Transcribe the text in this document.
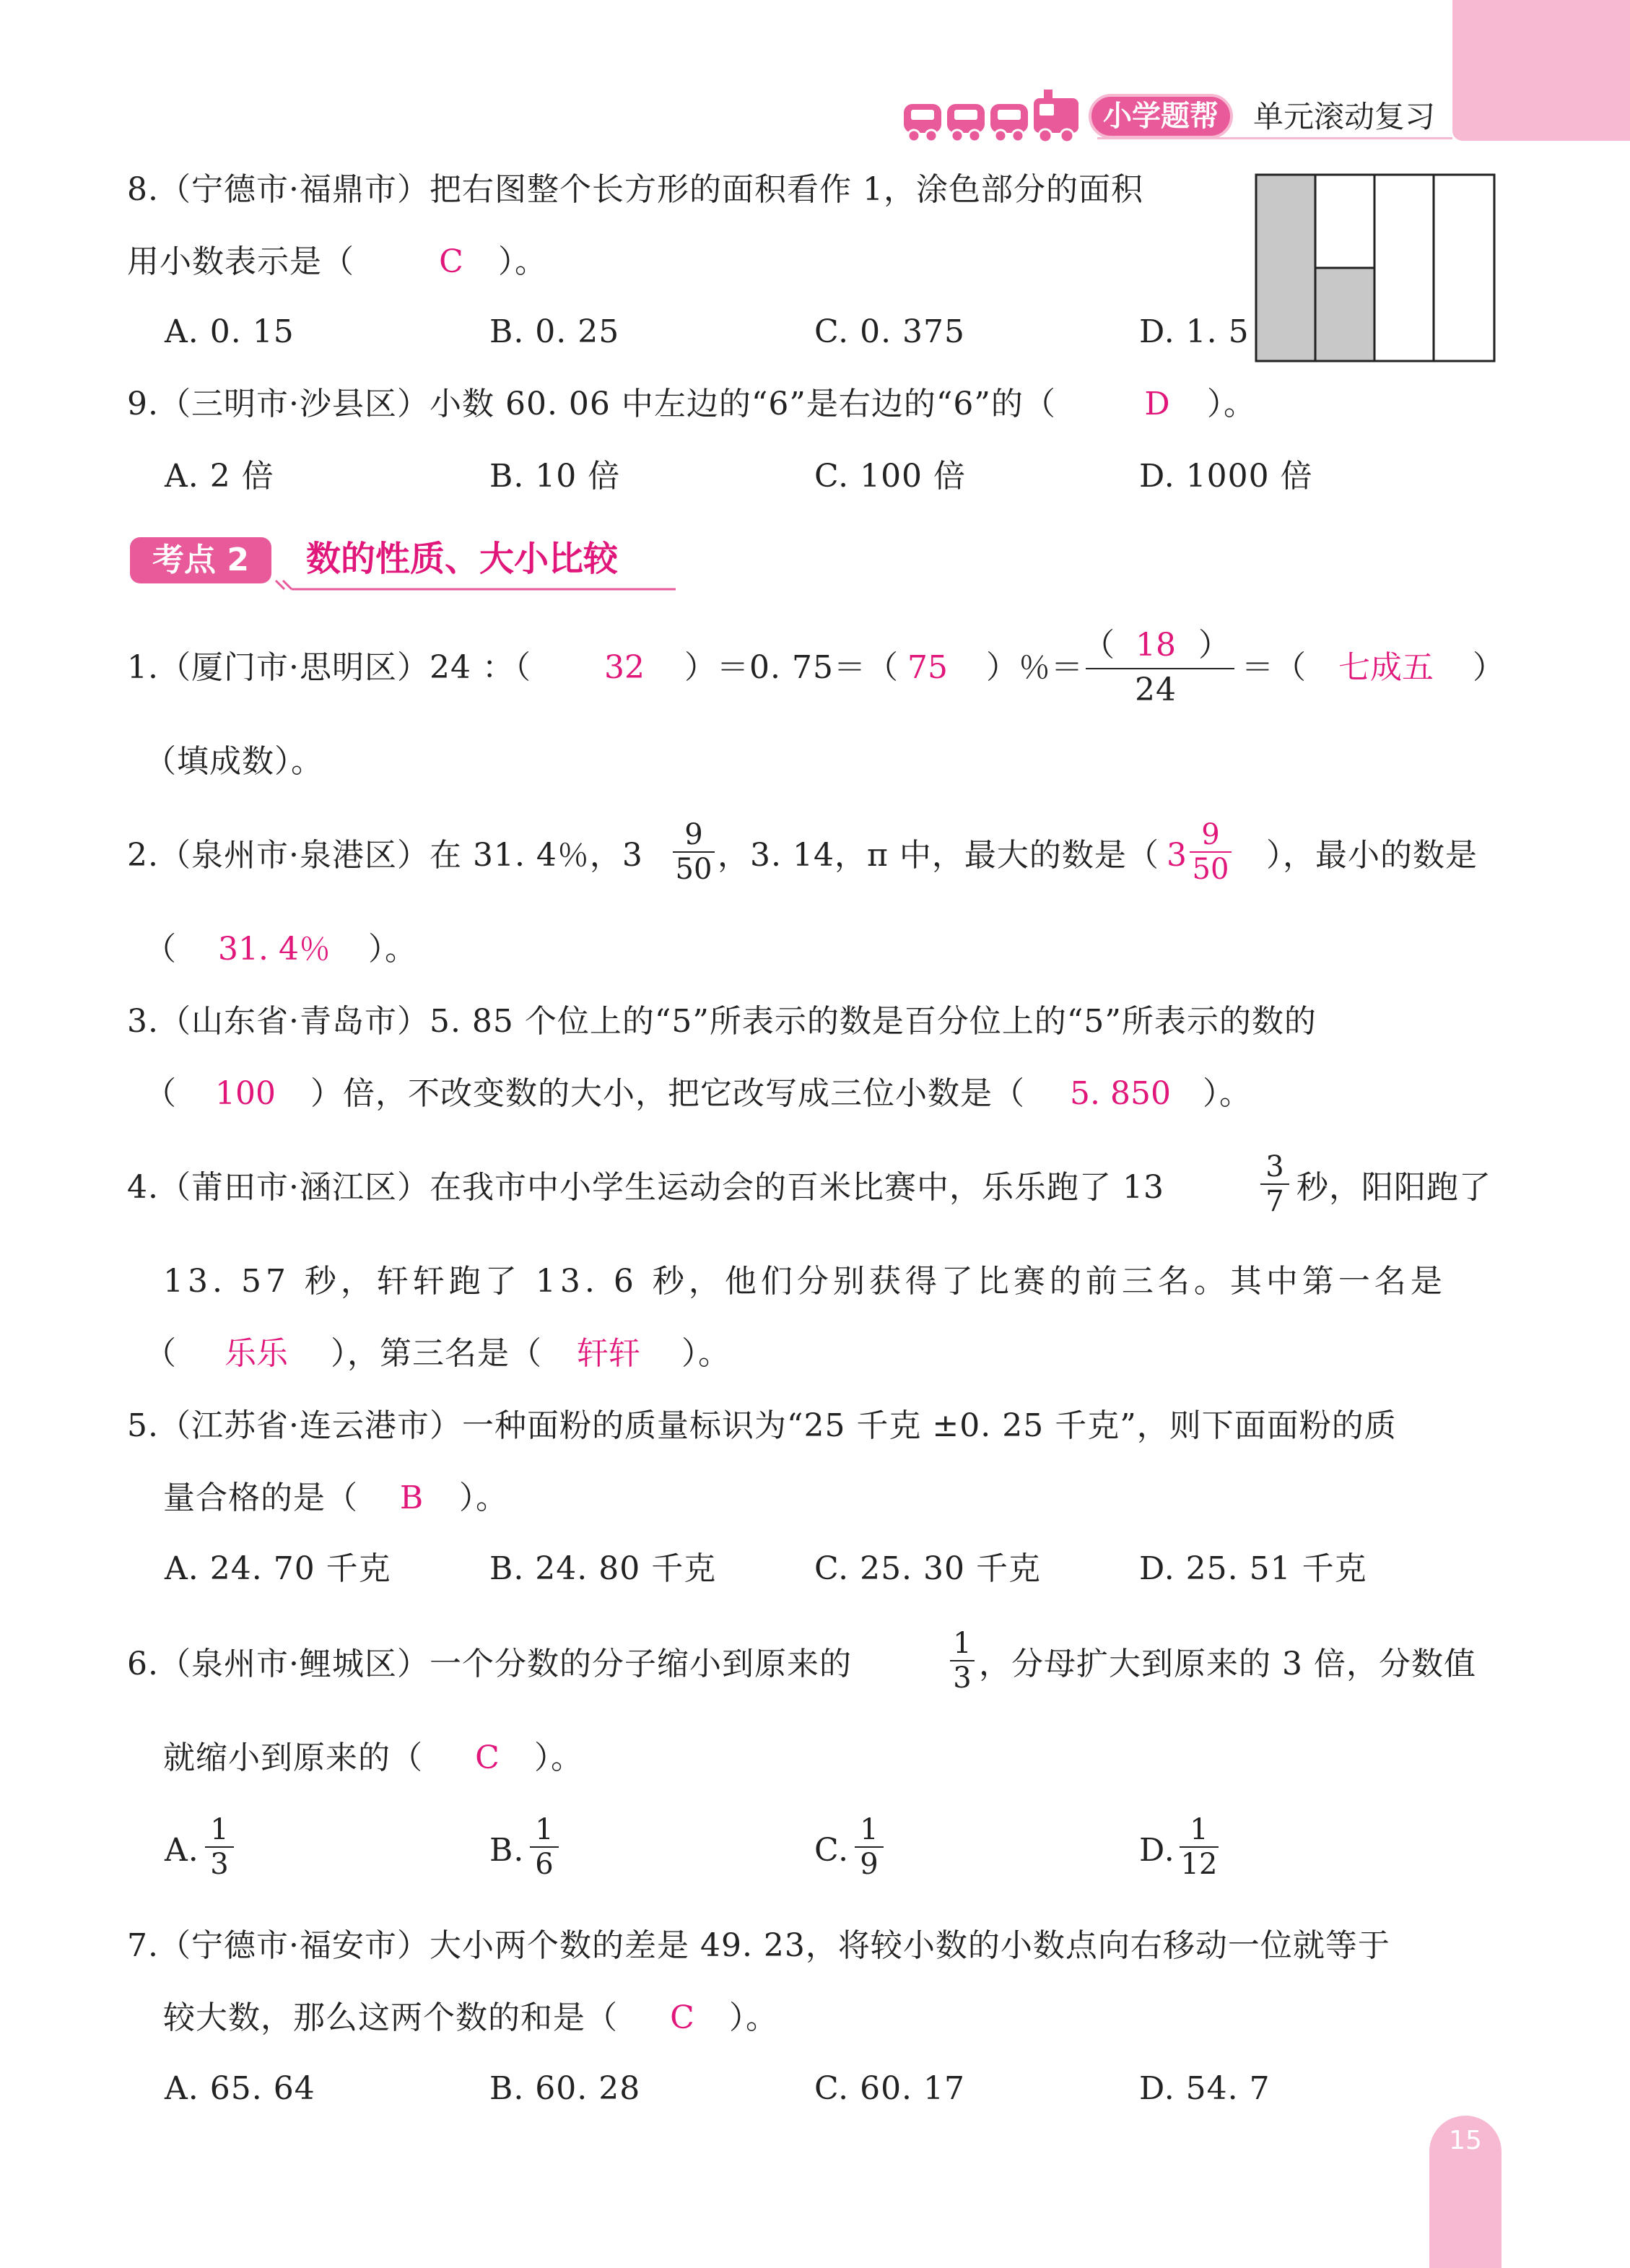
小学题帮	单元滚动复习
8.（宁德市·福鼎市）把右图整个长方形的面积看作 1，涂色部分的面积
用小数表示是（	C	）。
A. 0. 15	B. 0. 25	C. 0. 375	D. 1. 5
9.（三明市·沙县区）小数 60. 06 中左边的“6”是右边的“6”的（	D	）。
A. 2 倍	B. 10 倍	C. 100 倍	D. 1000 倍
考点 2	数的性质、大小比较
1.（厦门市·思明区）24 ：（	32	）＝0. 75＝（ 75	）％＝
（ 18 ）
24
＝（	七成五	）
（填成数）。
2.（泉州市·泉港区）在 31. 4％，$3 \frac{9}{50}$ ，3. 14，π 中，最大的数是（ $3 \frac{9}{50}$ ），最小的数是
（	31. 4％	）。
3.（山东省·青岛市）5. 85 个位上的“5”所表示的数是百分位上的“5”所表示的数的
（	100	）倍，不改变数的大小，把它改写成三位小数是（	5. 850	）。
4.（莆田市·涵江区）在我市中小学生运动会的百米比赛中，乐乐跑了 13	$\frac{3}{7}$ 秒，阳阳跑了
13. 57 秒，轩轩跑了 13. 6 秒，他们分别获得了比赛的前三名。其中第一名是
（	乐乐	），第三名是（	轩轩	）。
5.（江苏省·连云港市）一种面粉的质量标识为“25 千克 ±0. 25 千克”，则下面面粉的质
量合格的是（	B	）。
A. 24. 70 千克	B. 24. 80 千克	C. 25. 30 千克	D. 25. 51 千克
6.（泉州市·鲤城区）一个分数的分子缩小到原来的	$\frac{1}{3}$ ，分母扩大到原来的 3 倍，分数值
就缩小到原来的（	C	）。
A. $\frac{1}{3}$	B. $\frac{1}{6}$	C. $\frac{1}{9}$	D. $\frac{1}{12}$
7.（宁德市·福安市）大小两个数的差是 49. 23，将较小数的小数点向右移动一位就等于
较大数，那么这两个数的和是（	C	）。
A. 65. 64	B. 60. 28	C. 60. 17	D. 54. 7
15
